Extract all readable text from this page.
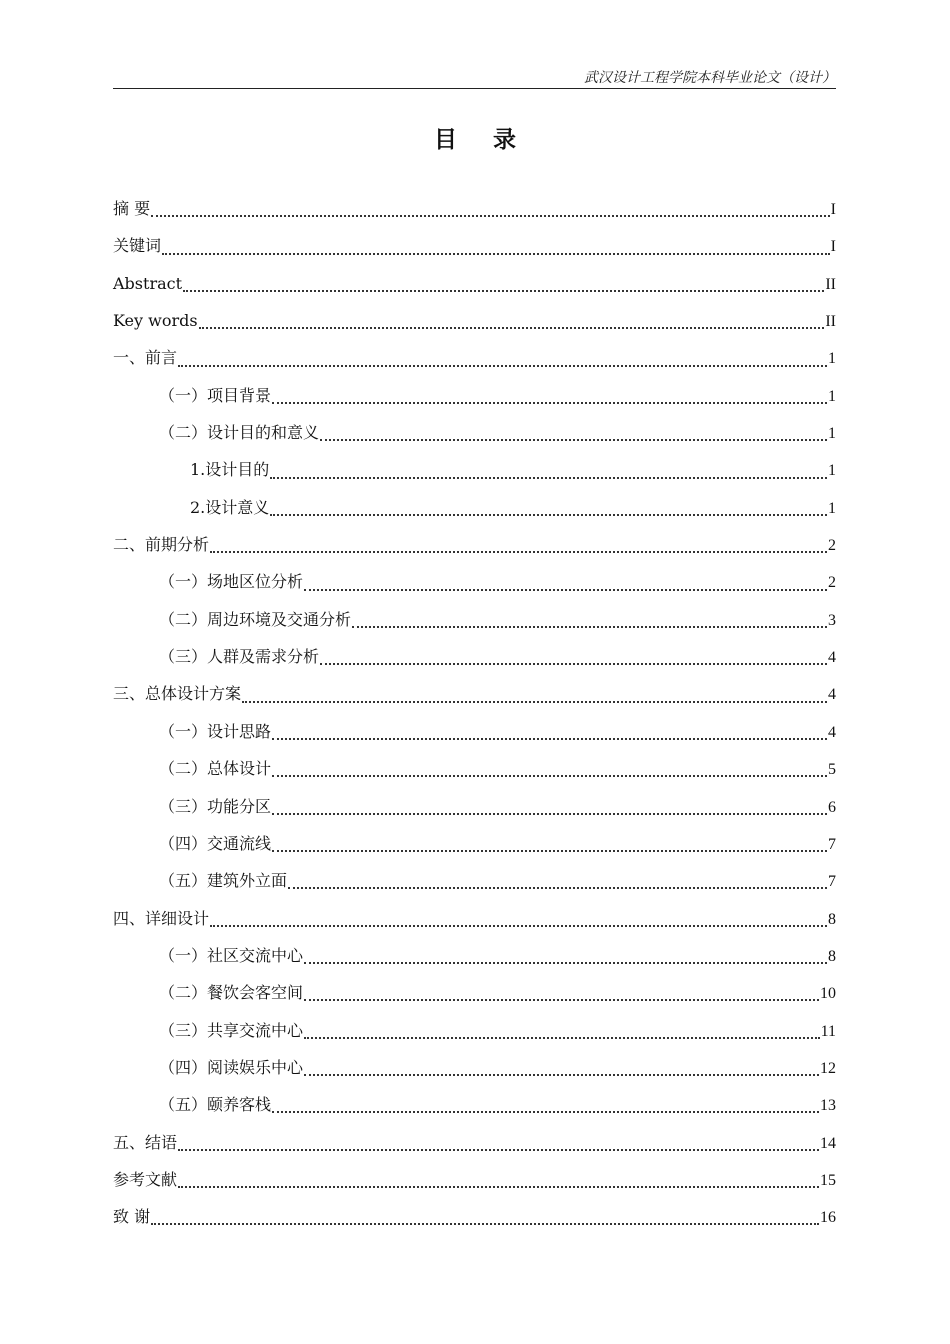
武汉设计工程学院本科毕业论文（设计）
目 录
摘 要	I
关键词	I
Abstract	II
Key words	II
一、前言	1
（一）项目背景	1
（二）设计目的和意义	1
1.设计目的	1
2.设计意义	1
二、前期分析	2
（一）场地区位分析	2
（二）周边环境及交通分析	3
（三）人群及需求分析	4
三、总体设计方案	4
（一）设计思路	4
（二）总体设计	5
（三）功能分区	6
（四）交通流线	7
（五）建筑外立面	7
四、详细设计	8
（一）社区交流中心	8
（二）餐饮会客空间	10
（三）共享交流中心	11
（四）阅读娱乐中心	12
（五）颐养客栈	13
五、结语	14
参考文献	15
致 谢	16
